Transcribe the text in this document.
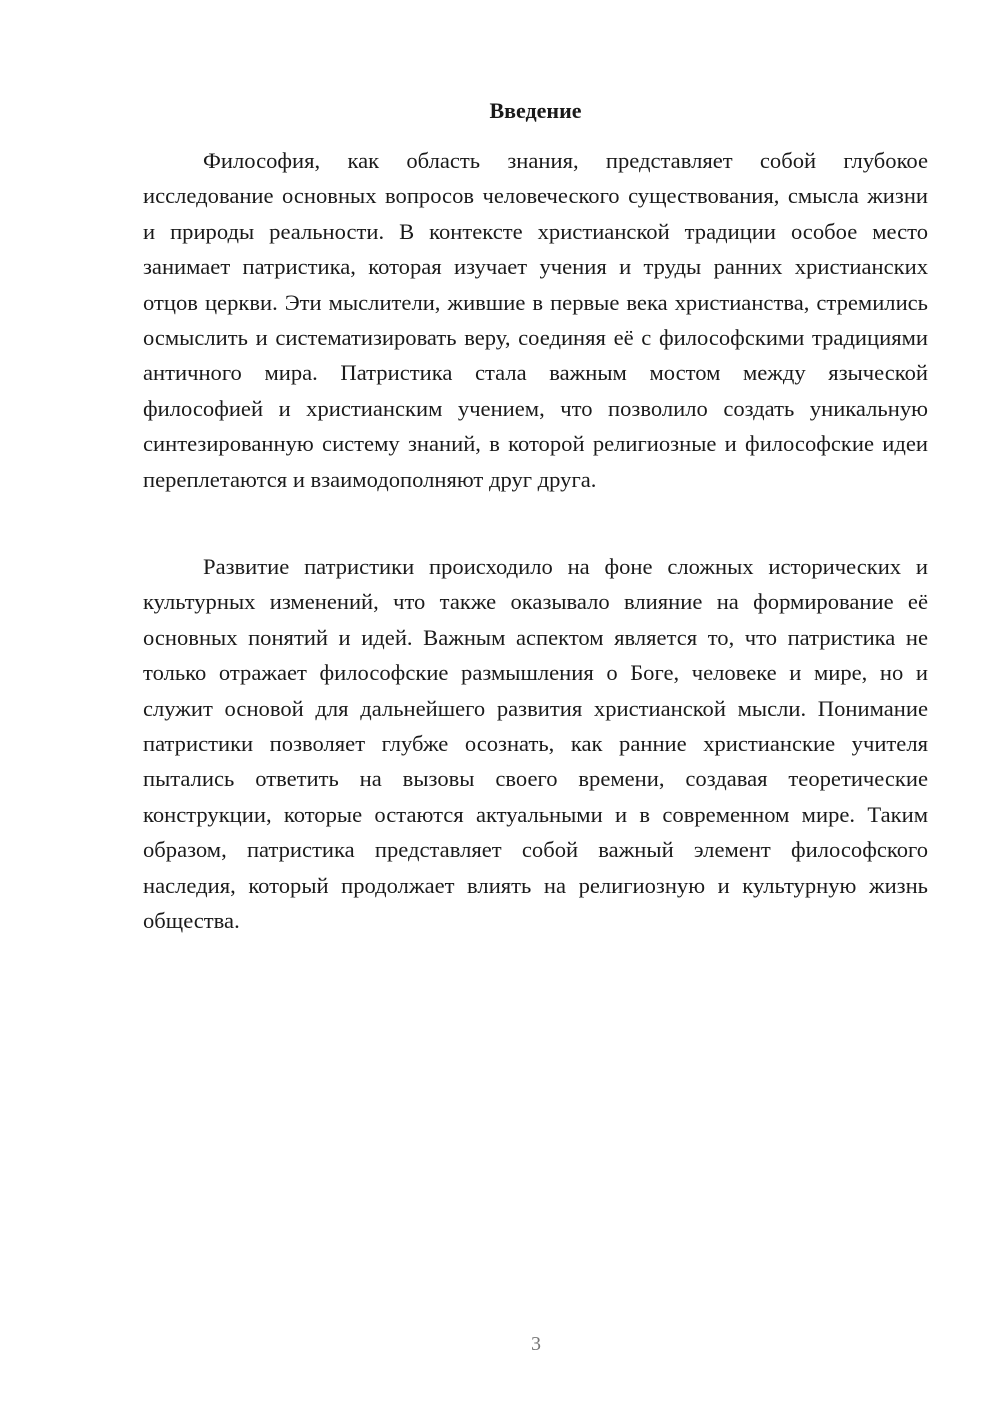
Введение

Философия, как область знания, представляет собой глубокое исследование основных вопросов человеческого существования, смысла жизни и природы реальности. В контексте христианской традиции особое место занимает патристика, которая изучает учения и труды ранних христианских отцов церкви. Эти мыслители, жившие в первые века христианства, стремились осмыслить и систематизировать веру, соединяя её с философскими традициями античного мира. Патристика стала важным мостом между языческой философией и христианским учением, что позволило создать уникальную синтезированную систему знаний, в которой религиозные и философские идеи переплетаются и взаимодополняют друг друга.

Развитие патристики происходило на фоне сложных исторических и культурных изменений, что также оказывало влияние на формирование её основных понятий и идей. Важным аспектом является то, что патристика не только отражает философские размышления о Боге, человеке и мире, но и служит основой для дальнейшего развития христианской мысли. Понимание патристики позволяет глубже осознать, как ранние христианские учителя пытались ответить на вызовы своего времени, создавая теоретические конструкции, которые остаются актуальными и в современном мире. Таким образом, патристика представляет собой важный элемент философского наследия, который продолжает влиять на религиозную и культурную жизнь общества.

3
